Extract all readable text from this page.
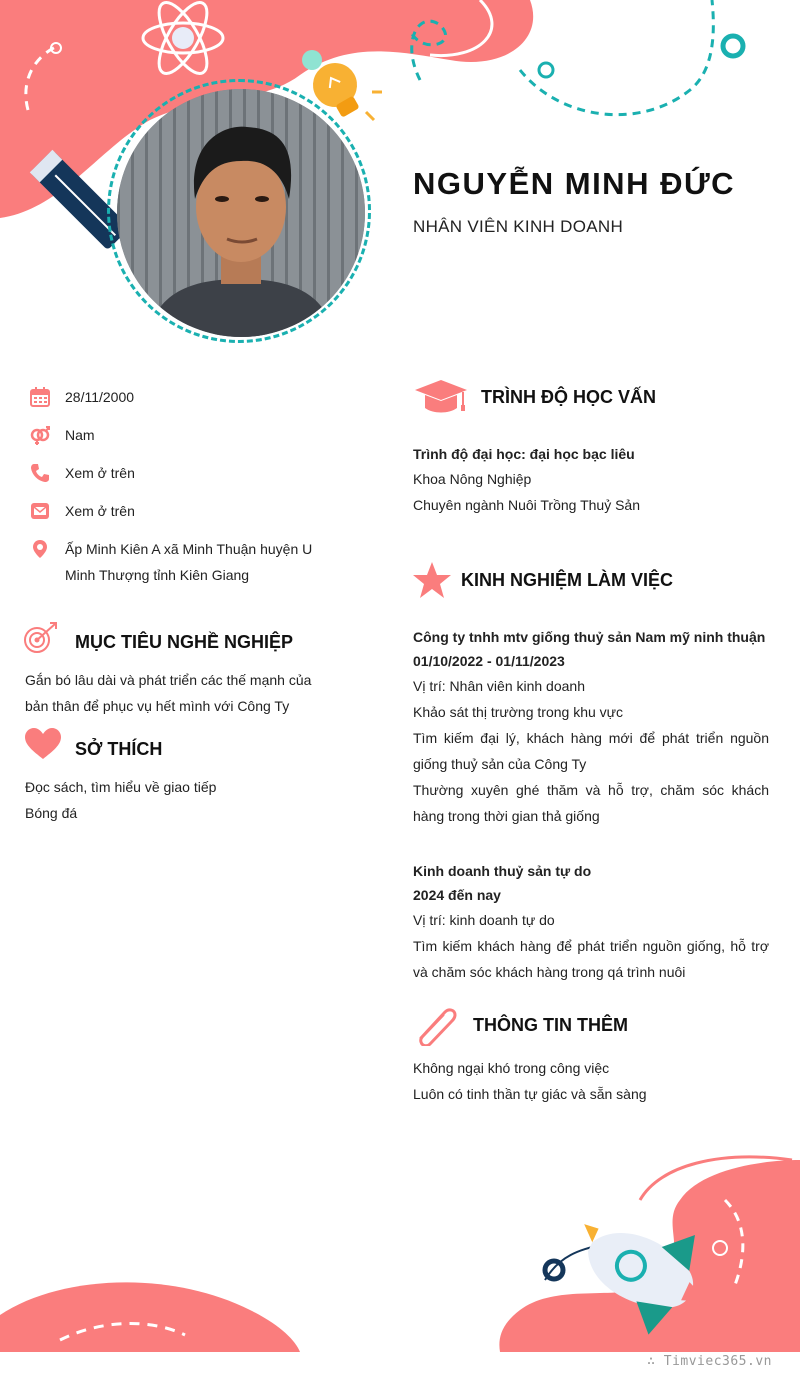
NGUYỄN MINH ĐỨC
NHÂN VIÊN KINH DOANH
28/11/2000
Nam
Xem ở trên
Xem ở trên
Ấp Minh Kiên A xã Minh Thuận huyện U Minh Thượng tỉnh Kiên Giang
MỤC TIÊU NGHỀ NGHIỆP
Gắn bó lâu dài và phát triển các thế mạnh của bản thân để phục vụ hết mình với Công Ty
SỞ THÍCH
Đọc sách, tìm hiểu về giao tiếp
Bóng đá
TRÌNH ĐỘ HỌC VẤN
Trình độ đại học: đại học bạc liêu
Khoa Nông Nghiệp
Chuyên ngành Nuôi Trồng Thuỷ Sản
KINH NGHIỆM LÀM VIỆC
Công ty tnhh mtv giống thuỷ sản Nam mỹ ninh thuận
01/10/2022 - 01/11/2023
Vị trí: Nhân viên kinh doanh
Khảo sát thị trường trong khu vực
Tìm kiếm đại lý, khách hàng mới để phát triển nguồn giống thuỷ sản của Công Ty
Thường xuyên ghé thăm và hỗ trợ, chăm sóc khách hàng trong thời gian thả giống
Kinh doanh thuỷ sản tự do
2024 đến nay
Vị trí: kinh doanh tự do
Tìm kiếm khách hàng để phát triển nguồn giống, hỗ trợ và chăm sóc khách hàng trong qá trình nuôi
THÔNG TIN THÊM
Không ngại khó trong công việc
Luôn có tinh thần tự giác và sẵn sàng
∴ Timviec365.vn
